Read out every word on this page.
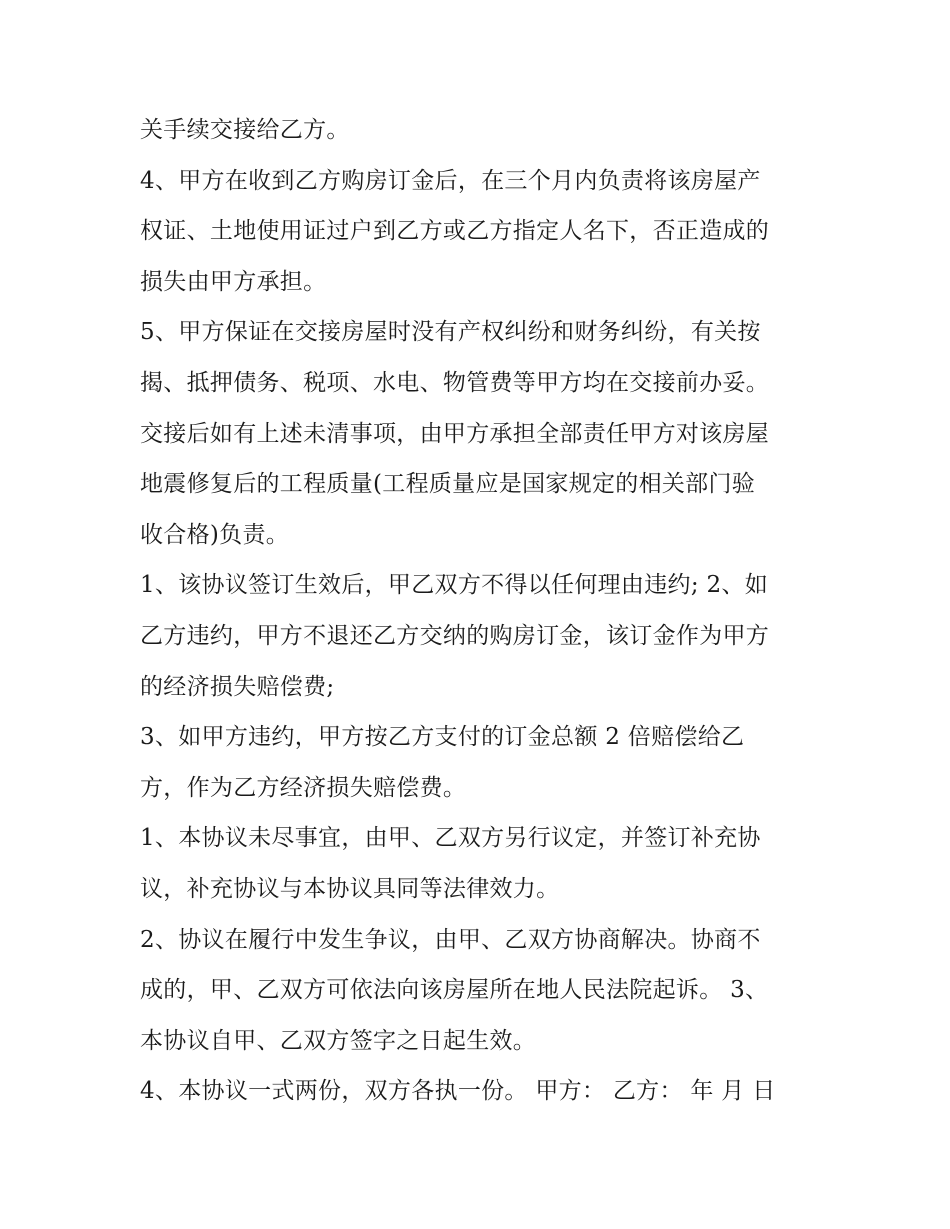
关手续交接给乙方。
4、甲方在收到乙方购房订金后，在三个月内负责将该房屋产
权证、土地使用证过户到乙方或乙方指定人名下，否正造成的
损失由甲方承担。
5、甲方保证在交接房屋时没有产权纠纷和财务纠纷，有关按
揭、抵押债务、税项、水电、物管费等甲方均在交接前办妥。
交接后如有上述未清事项，由甲方承担全部责任甲方对该房屋
地震修复后的工程质量(工程质量应是国家规定的相关部门验
收合格)负责。
1、该协议签订生效后，甲乙双方不得以任何理由违约; 2、如
乙方违约，甲方不退还乙方交纳的购房订金，该订金作为甲方
的经济损失赔偿费;
3、如甲方违约，甲方按乙方支付的订金总额 2 倍赔偿给乙
方，作为乙方经济损失赔偿费。
1、本协议未尽事宜，由甲、乙双方另行议定，并签订补充协
议，补充协议与本协议具同等法律效力。
2、协议在履行中发生争议，由甲、乙双方协商解决。协商不
成的，甲、乙双方可依法向该房屋所在地人民法院起诉。 3、
本协议自甲、乙双方签字之日起生效。
4、本协议一式两份，双方各执一份。 甲方： 乙方： 年 月 日
